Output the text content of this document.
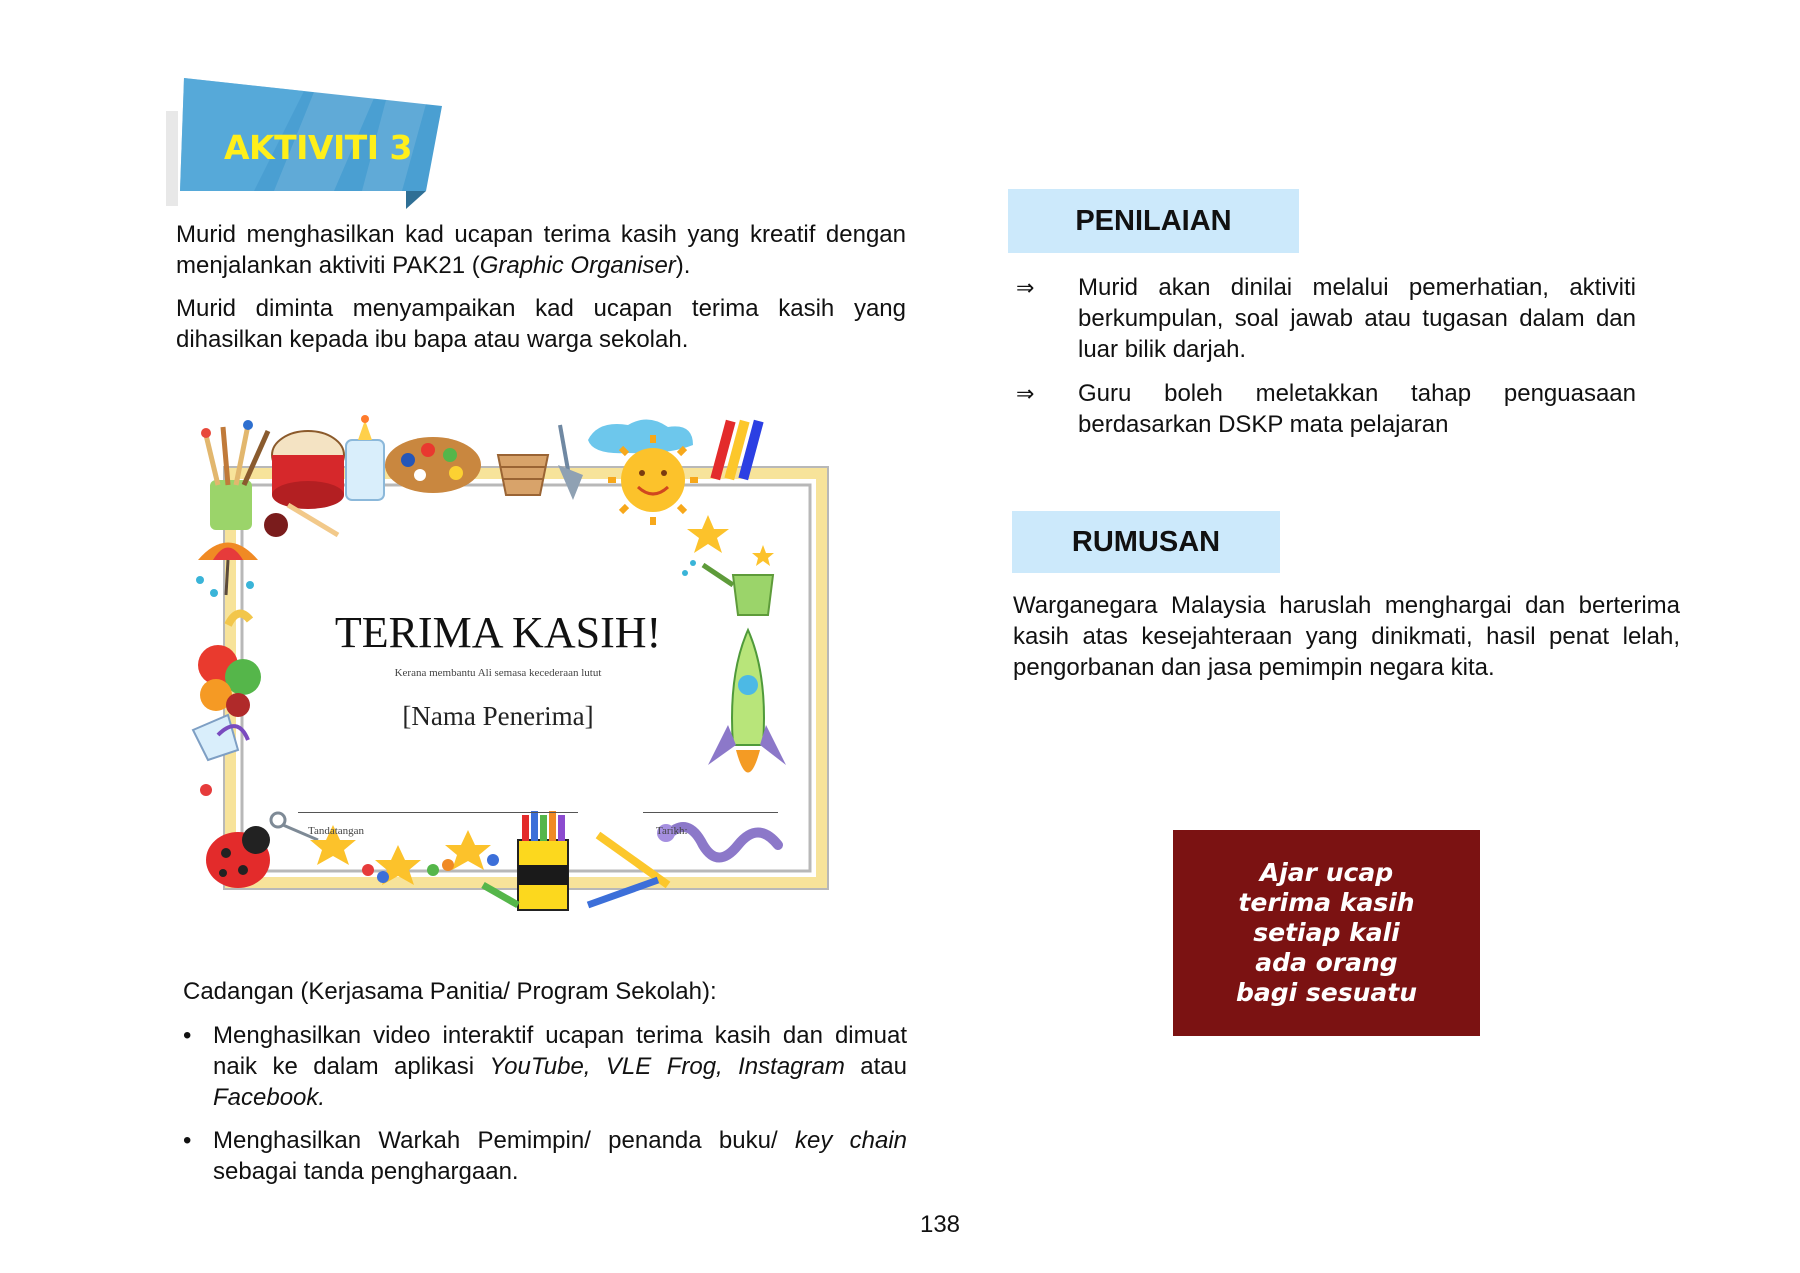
AKTIVITI 3

Murid menghasilkan kad ucapan terima kasih yang kreatif dengan menjalankan aktiviti PAK21 (Graphic Organiser).

Murid diminta menyampaikan kad ucapan terima kasih yang dihasilkan kepada ibu bapa atau warga sekolah.

TERIMA KASIH!
Kerana membantu Ali semasa kecederaan lutut
[Nama Penerima]
Tandatangan	Tarikh:
Cadangan (Kerjasama Panitia/ Program Sekolah):
• Menghasilkan video interaktif ucapan terima kasih dan dimuat naik ke dalam aplikasi YouTube, VLE Frog, Instagram atau Facebook.
• Menghasilkan Warkah Pemimpin/ penanda buku/ key chain sebagai tanda penghargaan.
138
PENILAIAN
⇒ Murid akan dinilai melalui pemerhatian, aktiviti berkumpulan, soal jawab atau tugasan dalam dan luar bilik darjah.
⇒ Guru boleh meletakkan tahap penguasaan berdasarkan DSKP mata pelajaran
RUMUSAN
Warganegara Malaysia haruslah menghargai dan berterima kasih atas kesejahteraan yang dinikmati, hasil penat lelah, pengorbanan dan jasa pemimpin negara kita.
Ajar ucap
terima kasih
setiap kali
ada orang
bagi sesuatu
